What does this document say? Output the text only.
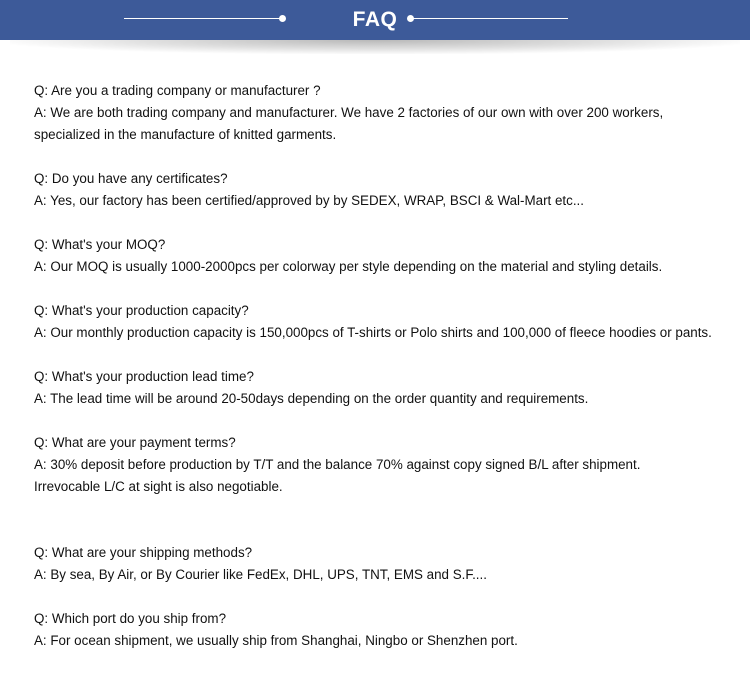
FAQ
Q: Are you a trading company or manufacturer ?
A: We are both trading company and manufacturer. We have 2 factories of our own with over 200 workers,
specialized in the manufacture of knitted garments.
Q: Do you have any certificates?
A: Yes, our factory has been certified/approved by by SEDEX, WRAP, BSCI & Wal-Mart etc...
Q: What's your MOQ?
A: Our MOQ is usually 1000-2000pcs per colorway per style depending on the material and styling details.
Q: What's your production capacity?
A: Our monthly production capacity is 150,000pcs of T-shirts or Polo shirts and 100,000 of fleece hoodies or pants.
Q: What's your production lead time?
A: The lead time will be around 20-50days depending on the order quantity and requirements.
Q: What are your payment terms?
A: 30% deposit before production by T/T and the balance 70% against copy signed B/L after shipment.
Irrevocable L/C at sight is also negotiable.
Q: What are your shipping methods?
A: By sea, By Air, or By Courier like FedEx, DHL, UPS, TNT, EMS and S.F....
Q: Which port do you ship from?
A: For ocean shipment, we usually ship from Shanghai, Ningbo or Shenzhen port.
